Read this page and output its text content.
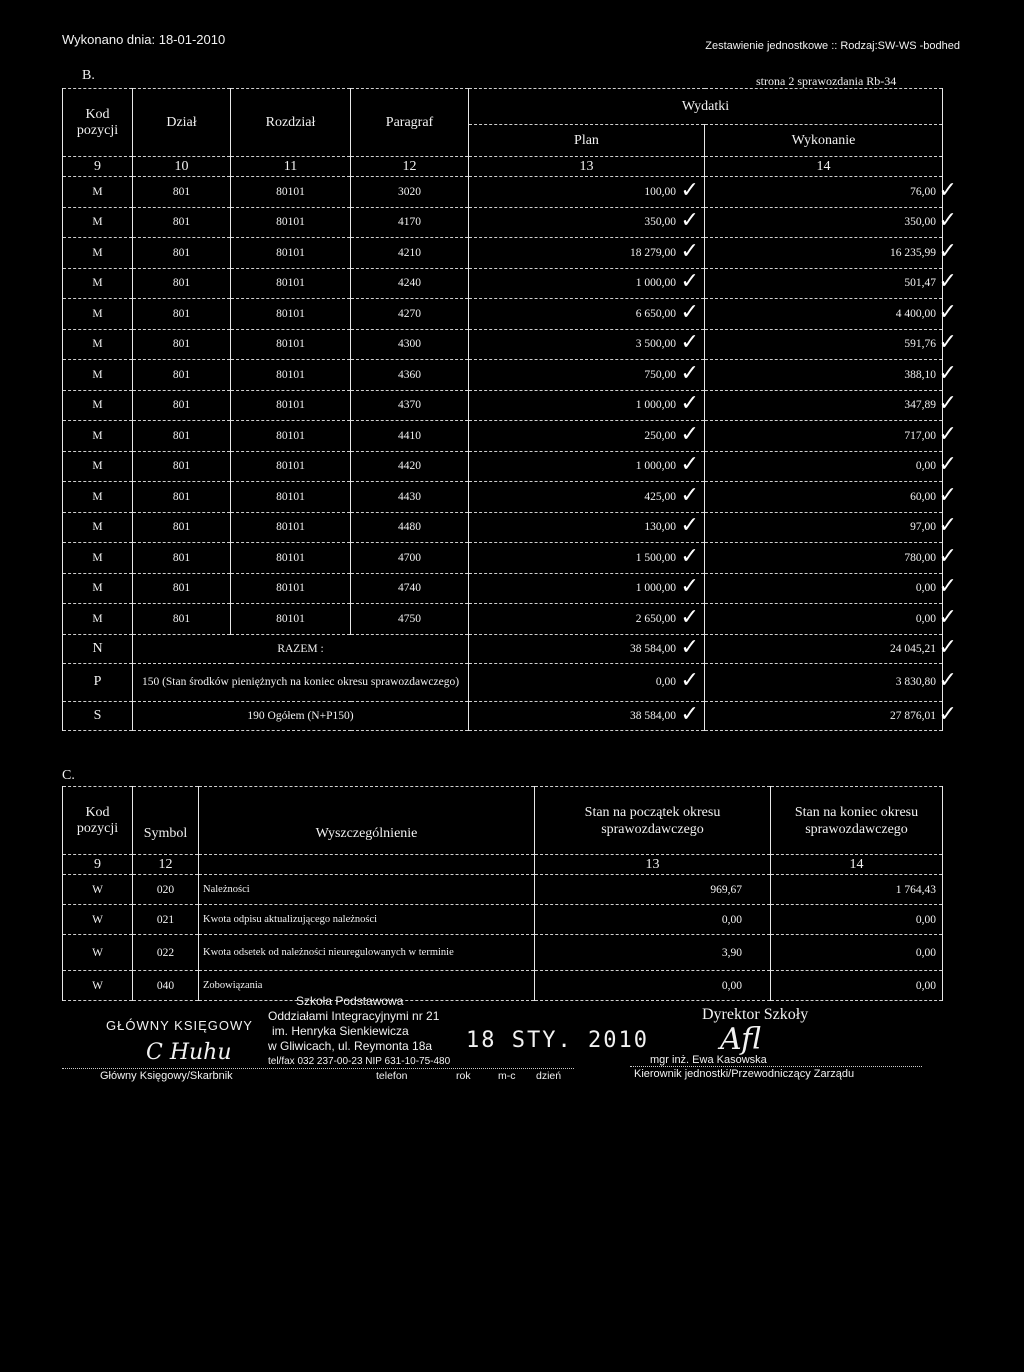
Wykonano dnia: 18-01-2010	Zestawienie jednostkowe :: Rodzaj:SW-WS -bodhed
B.	strona 2 sprawozdania Rb-34
Kod pozycji	Dział	Rozdział	Paragraf	Wydatki	
				Plan	Wykonanie
9	10	11	12	13	14
M	801	80101	3020	100,00	76,00
M	801	80101	4170	350,00	350,00
M	801	80101	4210	18 279,00	16 235,99
M	801	80101	4240	1 000,00	501,47
M	801	80101	4270	6 650,00	4 400,00
M	801	80101	4300	3 500,00	591,76
M	801	80101	4360	750,00	388,10
M	801	80101	4370	1 000,00	347,89
M	801	80101	4410	250,00	717,00
M	801	80101	4420	1 000,00	0,00
M	801	80101	4430	425,00	60,00
M	801	80101	4480	130,00	97,00
M	801	80101	4700	1 500,00	780,00
M	801	80101	4740	1 000,00	0,00
M	801	80101	4750	2 650,00	0,00
N	RAZEM :			38 584,00	24 045,21
P	150 (Stan środków pieniężnych na koniec okresu sprawozdawczego)			0,00	3 830,80
S	190 Ogółem (N+P150)			38 584,00	27 876,01
C.
Kod pozycji	Symbol	Wyszczególnienie	Stan na początek okresu sprawozdawczego	Stan na koniec okresu sprawozdawczego
9	12		13	14
W	020	Należności	969,67	1 764,43
W	021	Kwota odpisu aktualizującego należności	0,00	0,00
W	022	Kwota odsetek od należności nieuregulowanych w terminie	3,90	0,00
W	040	Zobowiązania	0,00	0,00
GŁÓWNY KSIĘGOWY
C Huhu
Główny Księgowy/Skarbnik
Szkoła Podstawowa
Oddziałami Integracyjnymi nr 21
im. Henryka Sienkiewicza
w Gliwicach, ul. Reymonta 18a
tel/fax 032 237-00-23 NIP 631-10-75-480
18 STY. 2010
telefon	rok	m-c dzień
Dyrektor Szkoły
Afl
mgr inż. Ewa Kasowska
Kierownik jednostki/Przewodniczący Zarządu
✓	✓
✓	✓
✓	✓
✓	✓
✓	✓
✓	✓
✓	✓
✓	✓
✓	✓
✓	✓
✓	✓
✓	✓
✓	✓
✓	✓
✓	✓
✓	✓
✓	✓
✓	✓
